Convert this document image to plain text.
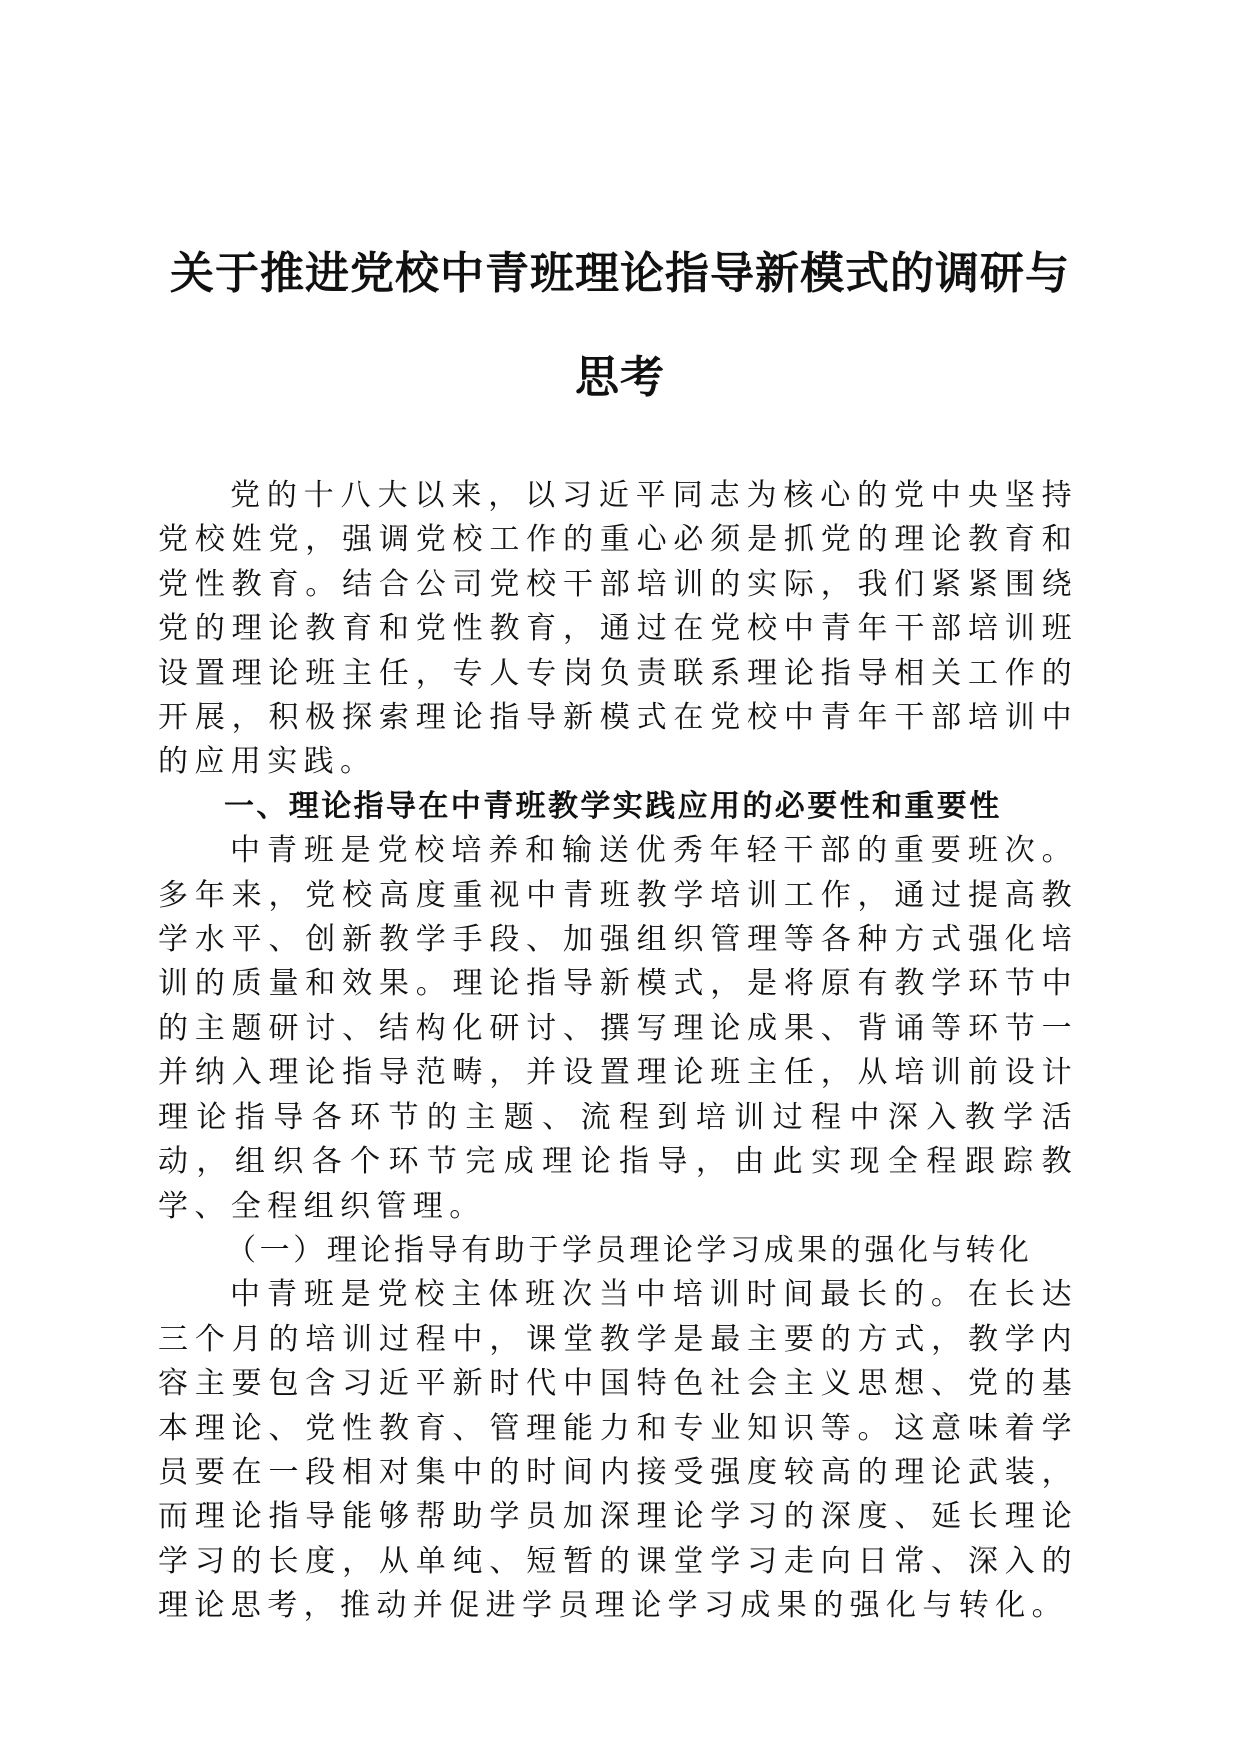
关于推进党校中青班理论指导新模式的调研与
思考

党的十八大以来，以习近平同志为核心的党中央坚持党校姓党，强调党校工作的重心必须是抓党的理论教育和党性教育。结合公司党校干部培训的实际，我们紧紧围绕党的理论教育和党性教育，通过在党校中青年干部培训班设置理论班主任，专人专岗负责联系理论指导相关工作的开展，积极探索理论指导新模式在党校中青年干部培训中的应用实践。

一、理论指导在中青班教学实践应用的必要性和重要性

中青班是党校培养和输送优秀年轻干部的重要班次。多年来，党校高度重视中青班教学培训工作，通过提高教学水平、创新教学手段、加强组织管理等各种方式强化培训的质量和效果。理论指导新模式，是将原有教学环节中的主题研讨、结构化研讨、撰写理论成果、背诵等环节一并纳入理论指导范畴，并设置理论班主任，从培训前设计理论指导各环节的主题、流程到培训过程中深入教学活动，组织各个环节完成理论指导，由此实现全程跟踪教学、全程组织管理。

（一）理论指导有助于学员理论学习成果的强化与转化

中青班是党校主体班次当中培训时间最长的。在长达三个月的培训过程中，课堂教学是最主要的方式，教学内容主要包含习近平新时代中国特色社会主义思想、党的基本理论、党性教育、管理能力和专业知识等。这意味着学员要在一段相对集中的时间内接受强度较高的理论武装，而理论指导能够帮助学员加深理论学习的深度、延长理论学习的长度，从单纯、短暂的课堂学习走向日常、深入的理论思考，推动并促进学员理论学习成果的强化与转化。
